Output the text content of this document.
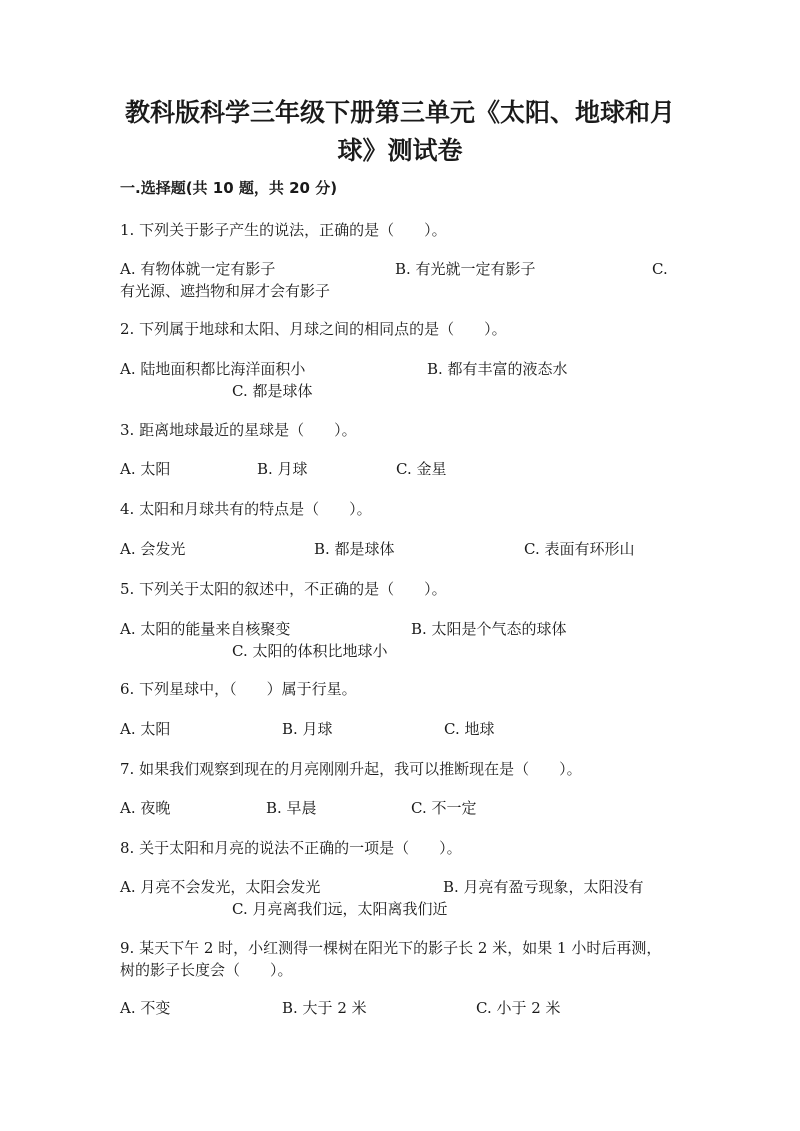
教科版科学三年级下册第三单元《太阳、地球和月球》测试卷
一.选择题(共 10 题，共 20 分)
1. 下列关于影子产生的说法，正确的是（　　）。
A. 有物体就一定有影子	B. 有光就一定有影子	C.
有光源、遮挡物和屏才会有影子
2. 下列属于地球和太阳、月球之间的相同点的是（　　）。
A. 陆地面积都比海洋面积小	B. 都有丰富的液态水
C. 都是球体
3. 距离地球最近的星球是（　　）。
A. 太阳	B. 月球	C. 金星
4. 太阳和月球共有的特点是（　　）。
A. 会发光	B. 都是球体	C. 表面有环形山
5. 下列关于太阳的叙述中，不正确的是（　　）。
A. 太阳的能量来自核聚变	B. 太阳是个气态的球体
C. 太阳的体积比地球小
6. 下列星球中，（　　）属于行星。
A. 太阳	B. 月球	C. 地球
7. 如果我们观察到现在的月亮刚刚升起，我可以推断现在是（　　）。
A. 夜晚	B. 早晨	C. 不一定
8. 关于太阳和月亮的说法不正确的一项是（　　）。
A. 月亮不会发光，太阳会发光	B. 月亮有盈亏现象，太阳没有
C. 月亮离我们远，太阳离我们近
9. 某天下午 2 时，小红测得一棵树在阳光下的影子长 2 米，如果 1 小时后再测，树的影子长度会（　　）。
A. 不变	B. 大于 2 米	C. 小于 2 米
